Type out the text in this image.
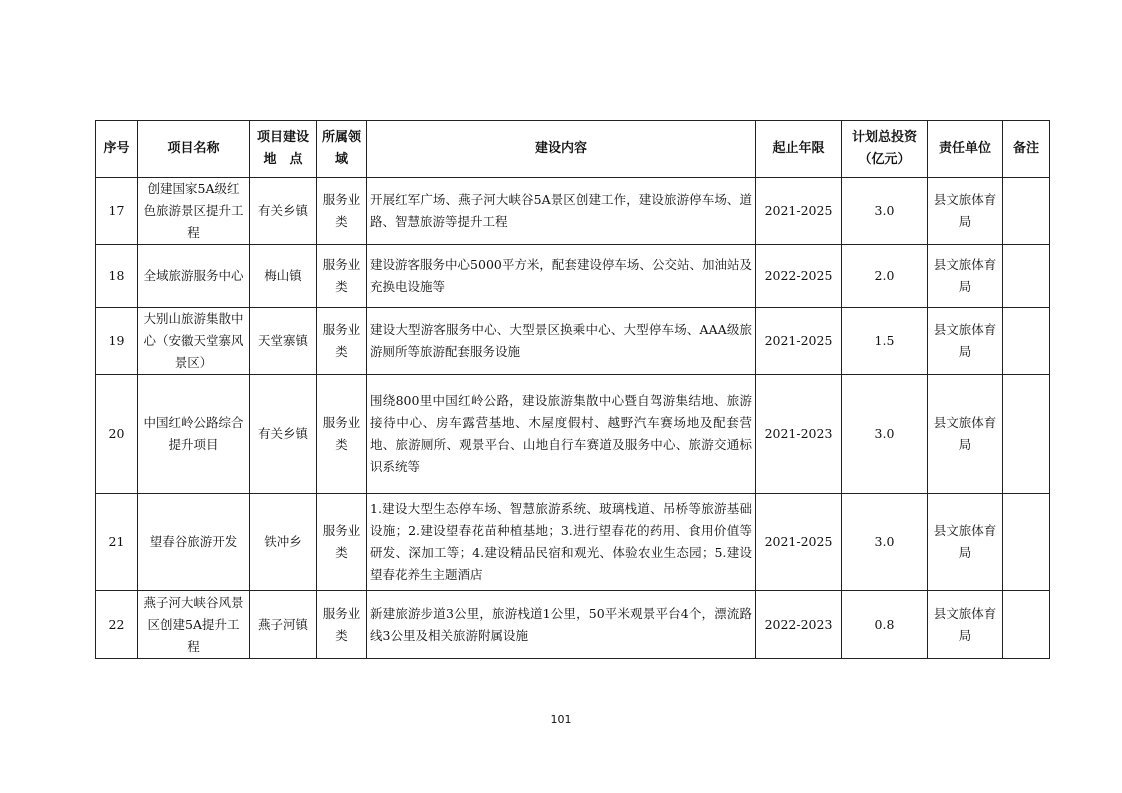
序号	项目名称	项目建设地　点	所属领域	建设内容	起止年限	计划总投资（亿元）	责任单位	备注
17	创建国家5A级红色旅游景区提升工程	有关乡镇	服务业类	开展红军广场、燕子河大峡谷5A景区创建工作，建设旅游停车场、道路、智慧旅游等提升工程	2021-2025	3.0	县文旅体育局	
18	全域旅游服务中心	梅山镇	服务业类	建设游客服务中心5000平方米，配套建设停车场、公交站、加油站及充换电设施等	2022-2025	2.0	县文旅体育局	
19	大别山旅游集散中心（安徽天堂寨风景区）	天堂寨镇	服务业类	建设大型游客服务中心、大型景区换乘中心、大型停车场、AAA级旅游厕所等旅游配套服务设施	2021-2025	1.5	县文旅体育局	
20	中国红岭公路综合提升项目	有关乡镇	服务业类	围绕800里中国红岭公路，建设旅游集散中心暨自驾游集结地、旅游接待中心、房车露营基地、木屋度假村、越野汽车赛场地及配套营地、旅游厕所、观景平台、山地自行车赛道及服务中心、旅游交通标识系统等	2021-2023	3.0	县文旅体育局	
21	望春谷旅游开发	铁冲乡	服务业类	1.建设大型生态停车场、智慧旅游系统、玻璃栈道、吊桥等旅游基础设施；2.建设望春花苗种植基地；3.进行望春花的药用、食用价值等研发、深加工等；4.建设精品民宿和观光、体验农业生态园；5.建设望春花养生主题酒店	2021-2025	3.0	县文旅体育局	
22	燕子河大峡谷风景区创建5A提升工程	燕子河镇	服务业类	新建旅游步道3公里，旅游栈道1公里，50平米观景平台4个，漂流路线3公里及相关旅游附属设施	2022-2023	0.8	县文旅体育局	
101
